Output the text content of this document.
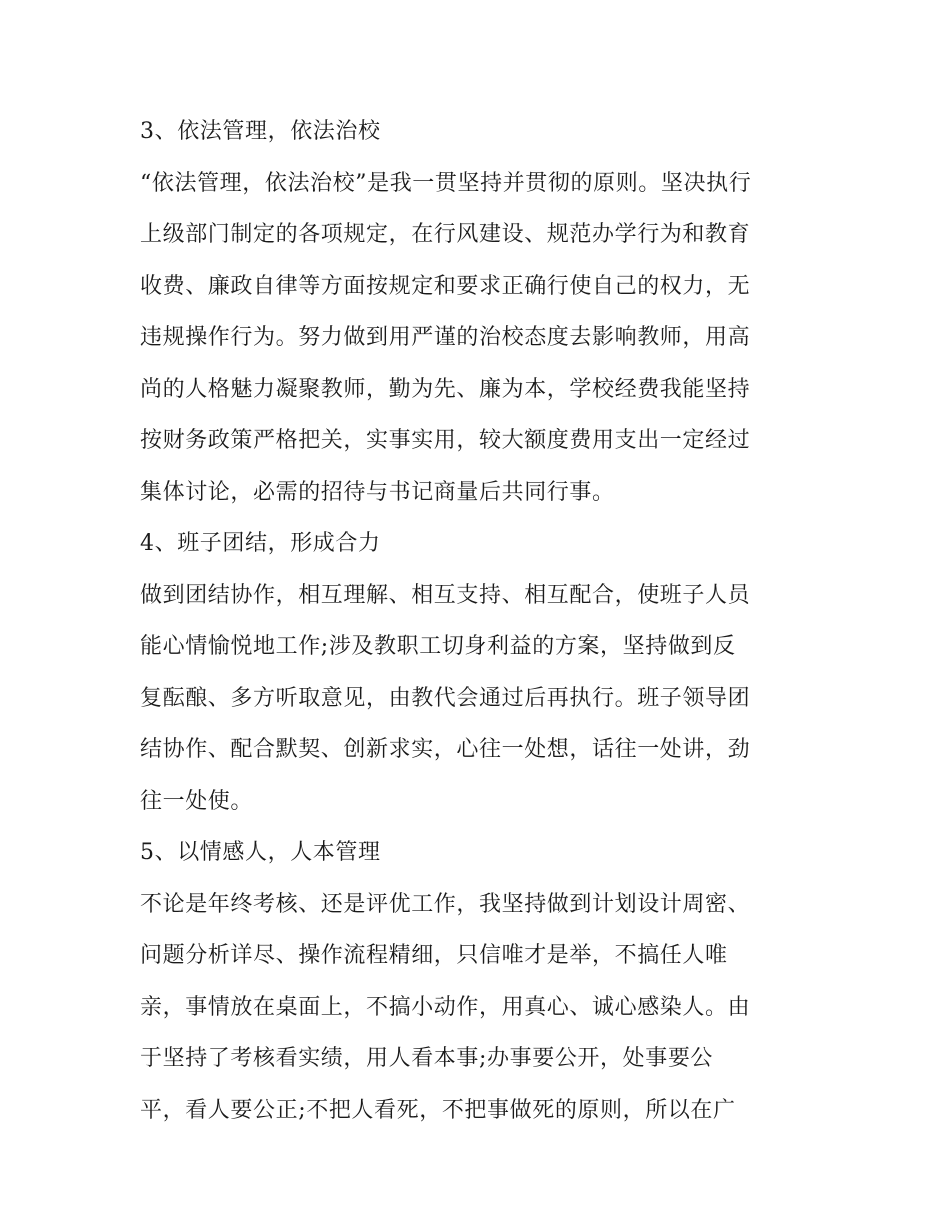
3、依法管理，依法治校
“依法管理，依法治校”是我一贯坚持并贯彻的原则。坚决执行
上级部门制定的各项规定，在行风建设、规范办学行为和教育
收费、廉政自律等方面按规定和要求正确行使自己的权力，无
违规操作行为。努力做到用严谨的治校态度去影响教师，用高
尚的人格魅力凝聚教师，勤为先、廉为本，学校经费我能坚持
按财务政策严格把关，实事实用，较大额度费用支出一定经过
集体讨论，必需的招待与书记商量后共同行事。
4、班子团结，形成合力
做到团结协作，相互理解、相互支持、相互配合，使班子人员
能心情愉悦地工作;涉及教职工切身利益的方案，坚持做到反
复酝酿、多方听取意见，由教代会通过后再执行。班子领导团
结协作、配合默契、创新求实，心往一处想，话往一处讲，劲
往一处使。
5、以情感人，人本管理
不论是年终考核、还是评优工作，我坚持做到计划设计周密、
问题分析详尽、操作流程精细，只信唯才是举，不搞任人唯
亲，事情放在桌面上，不搞小动作，用真心、诚心感染人。由
于坚持了考核看实绩，用人看本事;办事要公开，处事要公
平，看人要公正;不把人看死，不把事做死的原则，所以在广
